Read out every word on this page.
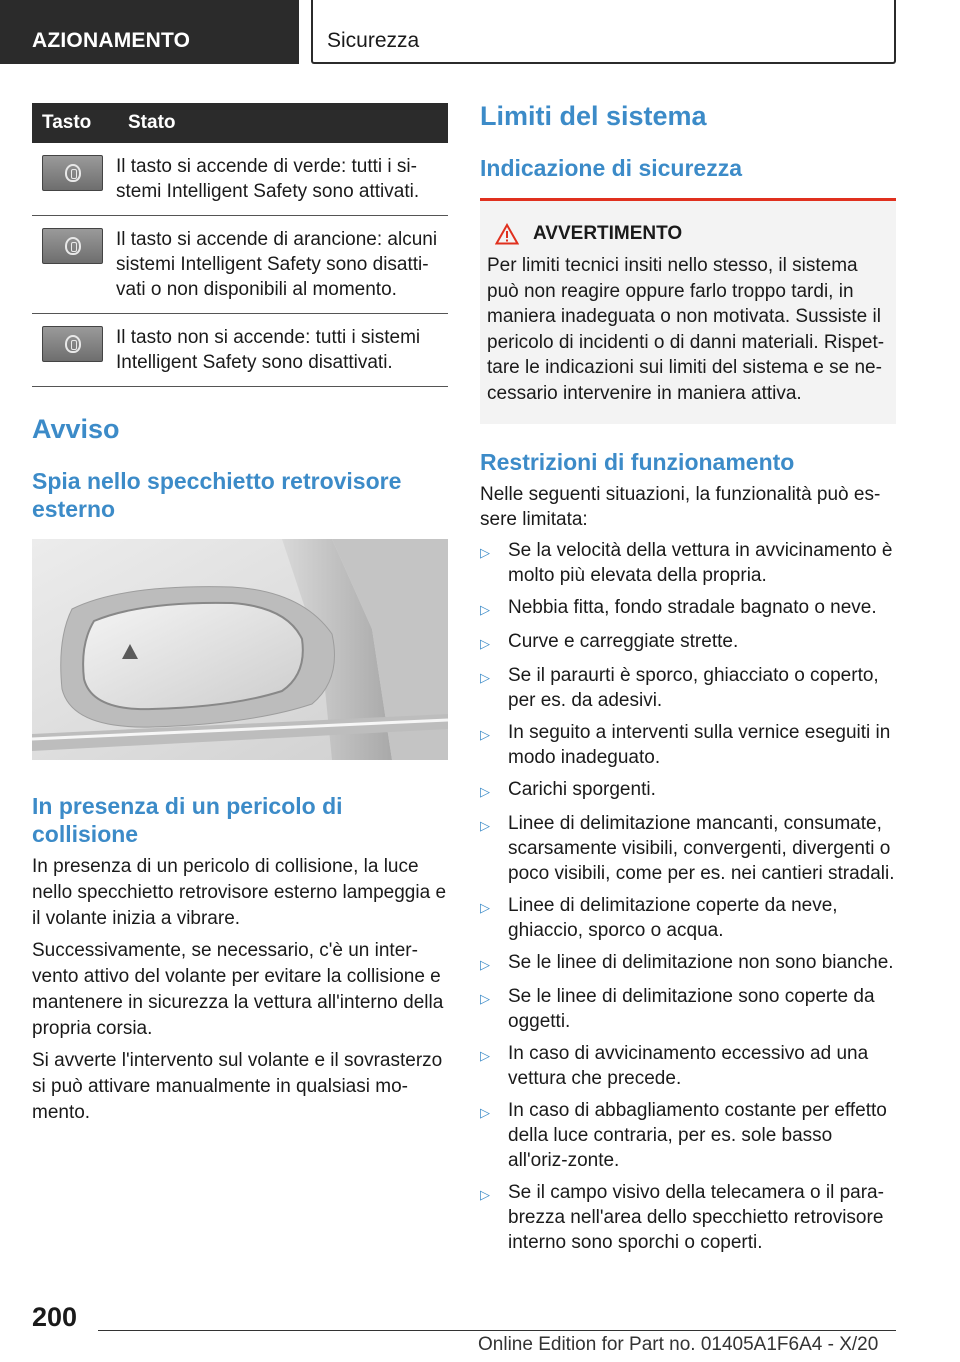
AZIONAMENTO	Sicurezza
Tasto	Stato

	Il tasto si accende di verde: tutti i si-stemi Intelligent Safety sono attivati.

	Il tasto si accende di arancione: alcuni sistemi Intelligent Safety sono disatti-vati o non disponibili al momento.

	Il tasto non si accende: tutti i sistemi Intelligent Safety sono disattivati.
Avviso
Spia nello specchietto retrovisore esterno
In presenza di un pericolo di collisione

In presenza di un pericolo di collisione, la luce nello specchietto retrovisore esterno lampeggia e il volante inizia a vibrare.

Successivamente, se necessario, c'è un inter-vento attivo del volante per evitare la collisione e mantenere in sicurezza la vettura all'interno della propria corsia.

Si avverte l'intervento sul volante e il sovrasterzo si può attivare manualmente in qualsiasi mo-mento.

Limiti del sistema
Indicazione di sicurezza
AVVERTIMENTO

Per limiti tecnici insiti nello stesso, il sistema può non reagire oppure farlo troppo tardi, in maniera inadeguata o non motivata. Sussiste il pericolo di incidenti o di danni materiali. Rispet-tare le indicazioni sui limiti del sistema e se ne-cessario intervenire in maniera attiva.

Restrizioni di funzionamento

Nelle seguenti situazioni, la funzionalità può es-sere limitata:

▷ Se la velocità della vettura in avvicinamento è molto più elevata della propria.
▷ Nebbia fitta, fondo stradale bagnato o neve.
▷ Curve e carreggiate strette.
▷ Se il paraurti è sporco, ghiacciato o coperto, per es. da adesivi.
▷ In seguito a interventi sulla vernice eseguiti in modo inadeguato.
▷ Carichi sporgenti.
▷ Linee di delimitazione mancanti, consumate, scarsamente visibili, convergenti, divergenti o poco visibili, come per es. nei cantieri stradali.
▷ Linee di delimitazione coperte da neve, ghiaccio, sporco o acqua.
▷ Se le linee di delimitazione non sono bianche.
▷ Se le linee di delimitazione sono coperte da oggetti.
▷ In caso di avvicinamento eccessivo ad una vettura che precede.
▷ In caso di abbagliamento costante per effetto della luce contraria, per es. sole basso all'oriz-zonte.
▷ Se il campo visivo della telecamera o il para-brezza nell'area dello specchietto retrovisore interno sono sporchi o coperti.
200
Online Edition for Part no. 01405A1F6A4 - X/20
